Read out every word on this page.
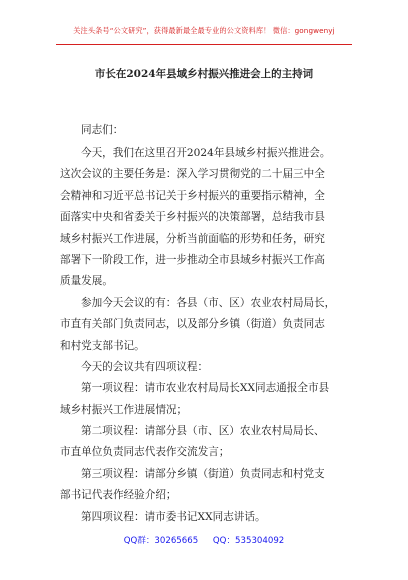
关注头条号“公文研究”，获得最新最全最专业的公文资料库！ 微信：gongwenyj
市长在2024年县域乡村振兴推进会上的主持词
同志们：
今天，我们在这里召开2024年县域乡村振兴推进会。
这次会议的主要任务是：深入学习贯彻党的二十届三中全
会精神和习近平总书记关于乡村振兴的重要指示精神，全
面落实中央和省委关于乡村振兴的决策部署，总结我市县
域乡村振兴工作进展，分析当前面临的形势和任务，研究
部署下一阶段工作，进一步推动全市县域乡村振兴工作高
质量发展。
参加今天会议的有：各县（市、区）农业农村局局长，
市直有关部门负责同志，以及部分乡镇（街道）负责同志
和村党支部书记。
今天的会议共有四项议程：
第一项议程：请市农业农村局局长XX同志通报全市县
域乡村振兴工作进展情况；
第二项议程：请部分县（市、区）农业农村局局长、
市直单位负责同志代表作交流发言；
第三项议程：请部分乡镇（街道）负责同志和村党支
部书记代表作经验介绍；
第四项议程：请市委书记XX同志讲话。
QQ群：30265665 QQ：535304092
